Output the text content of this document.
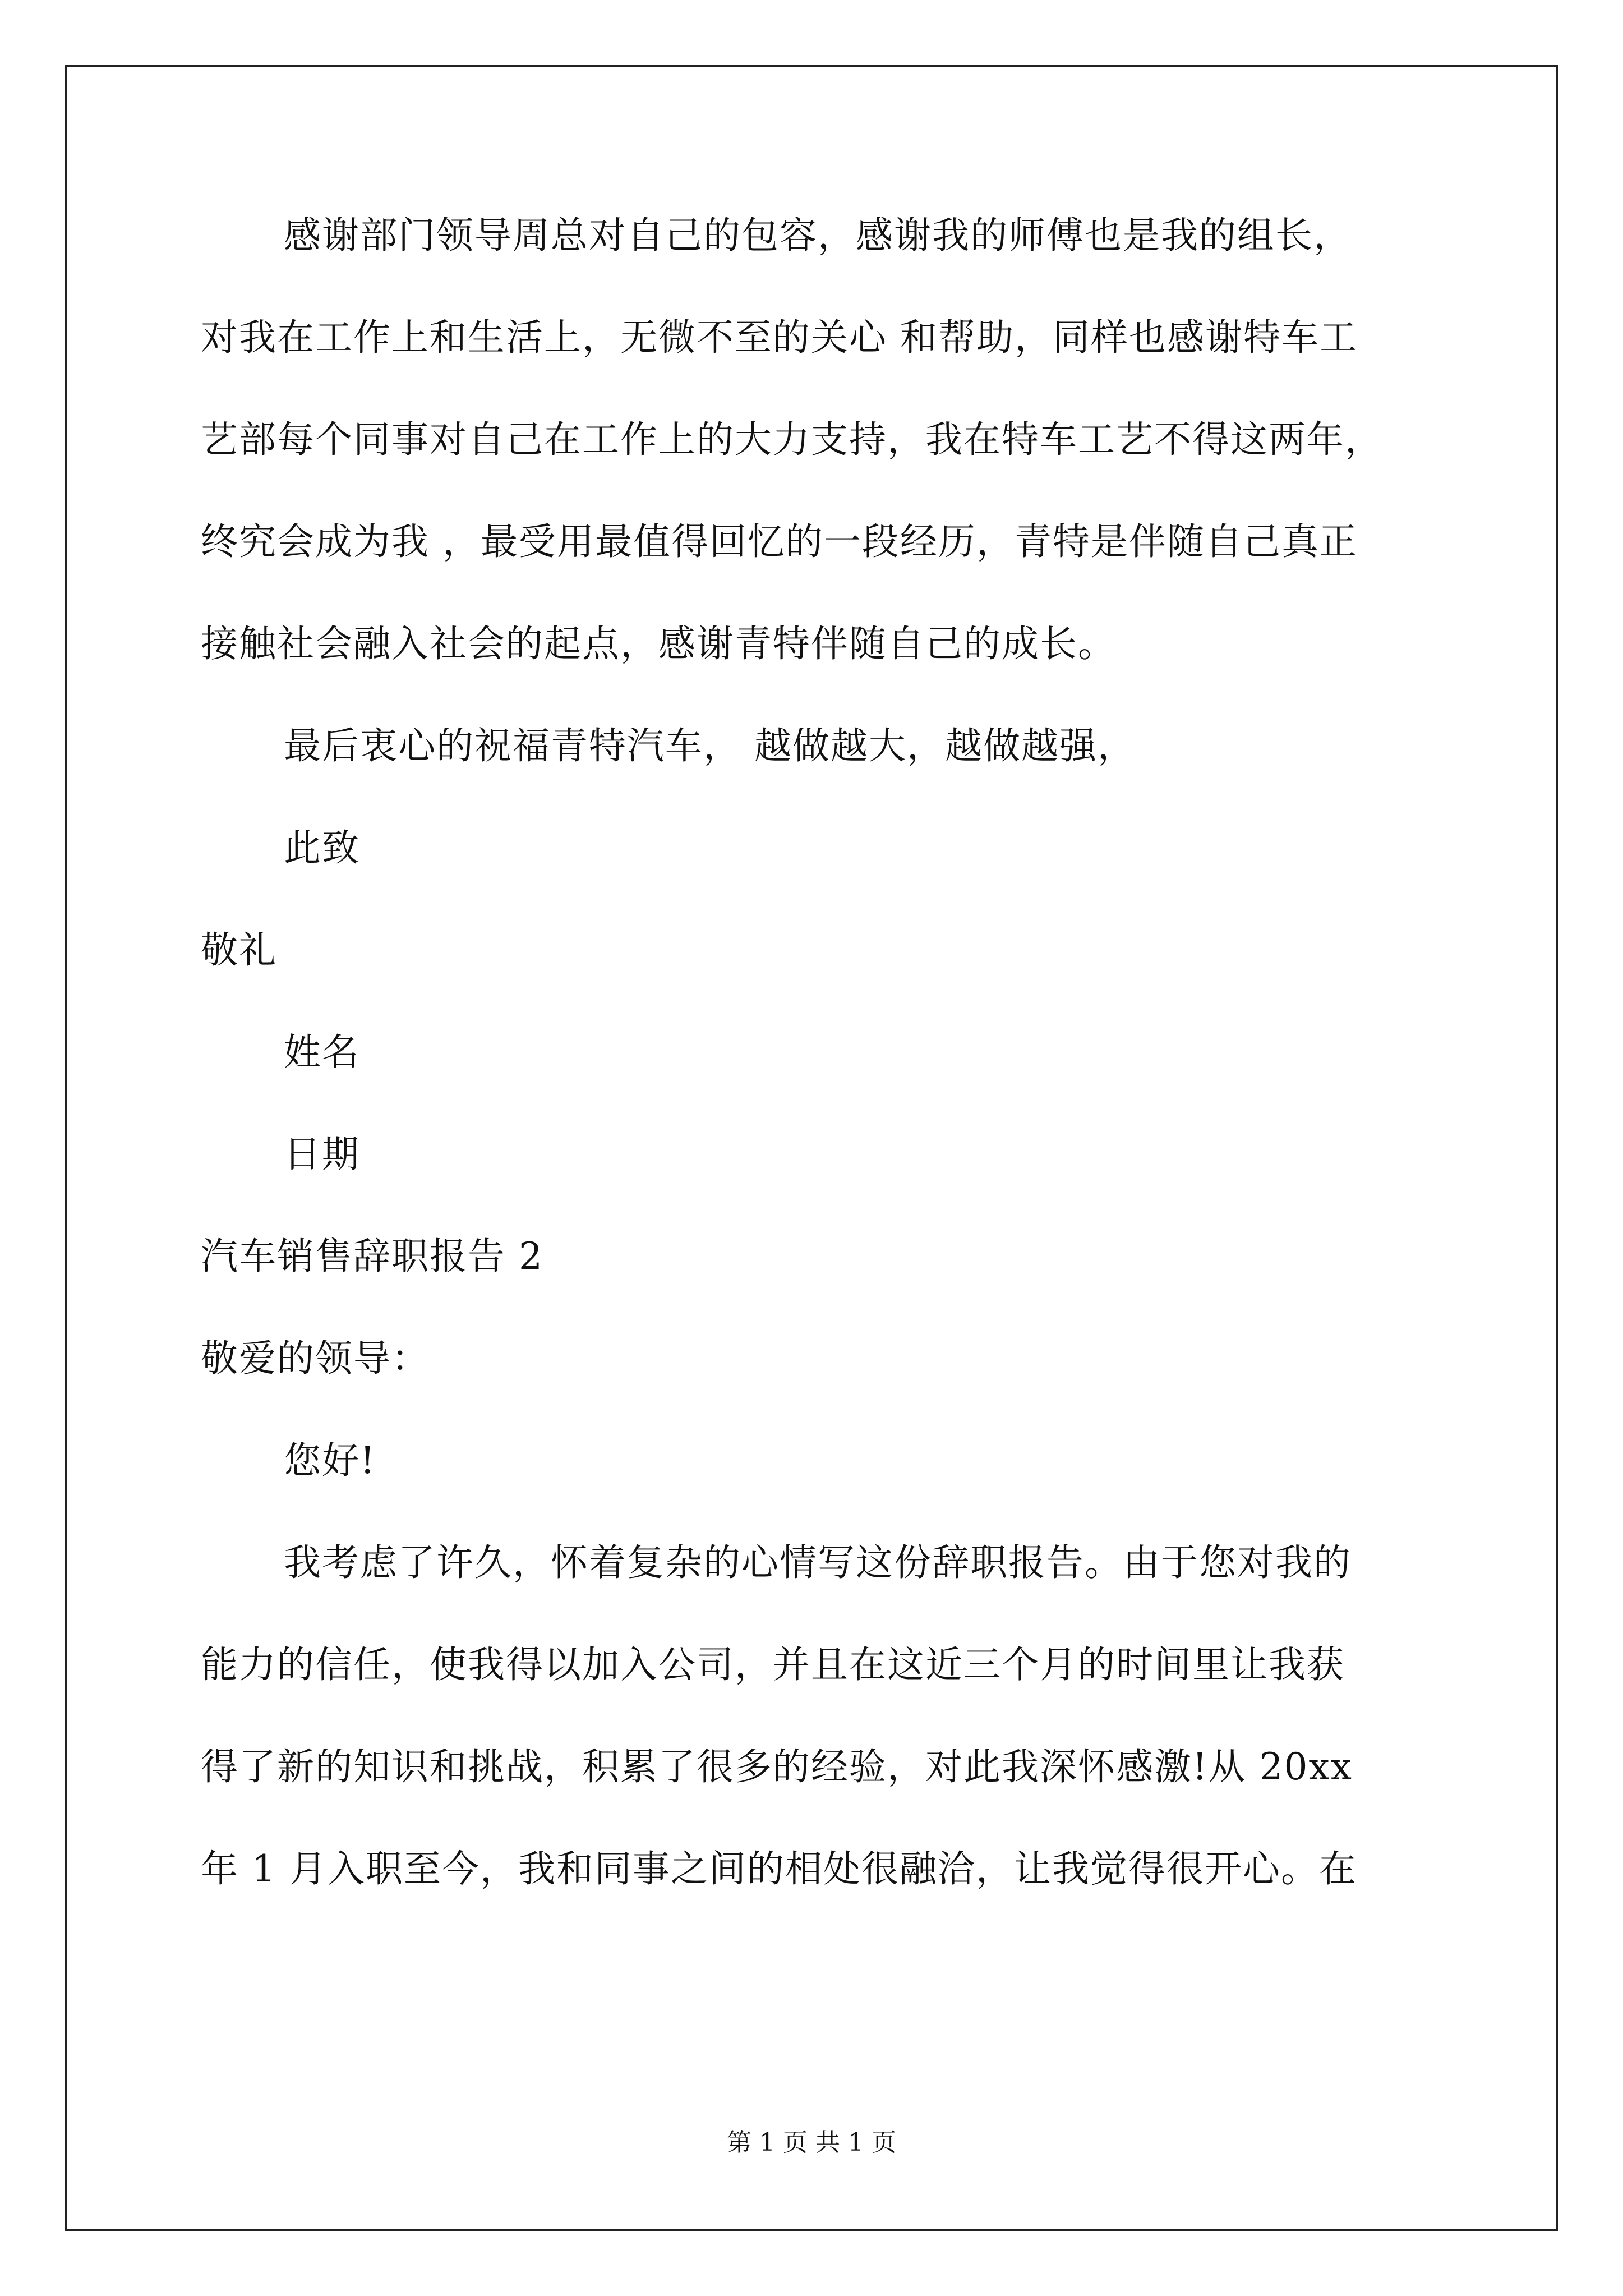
感谢部门领导周总对自己的包容，感谢我的师傅也是我的组长，
对我在工作上和生活上，无微不至的关心 和帮助，同样也感谢特车工
艺部每个同事对自己在工作上的大力支持，我在特车工艺不得这两年，
终究会成为我 ，最受用最值得回忆的一段经历，青特是伴随自己真正
接触社会融入社会的起点，感谢青特伴随自己的成长。
最后衷心的祝福青特汽车， 越做越大，越做越强，
此致
敬礼
姓名
日期
汽车销售辞职报告 2
敬爱的领导：
您好!
我考虑了许久，怀着复杂的心情写这份辞职报告。由于您对我的
能力的信任，使我得以加入公司，并且在这近三个月的时间里让我获
得了新的知识和挑战，积累了很多的经验，对此我深怀感激!从 20xx
年 1 月入职至今，我和同事之间的相处很融洽，让我觉得很开心。在
第 1 页 共 1 页
